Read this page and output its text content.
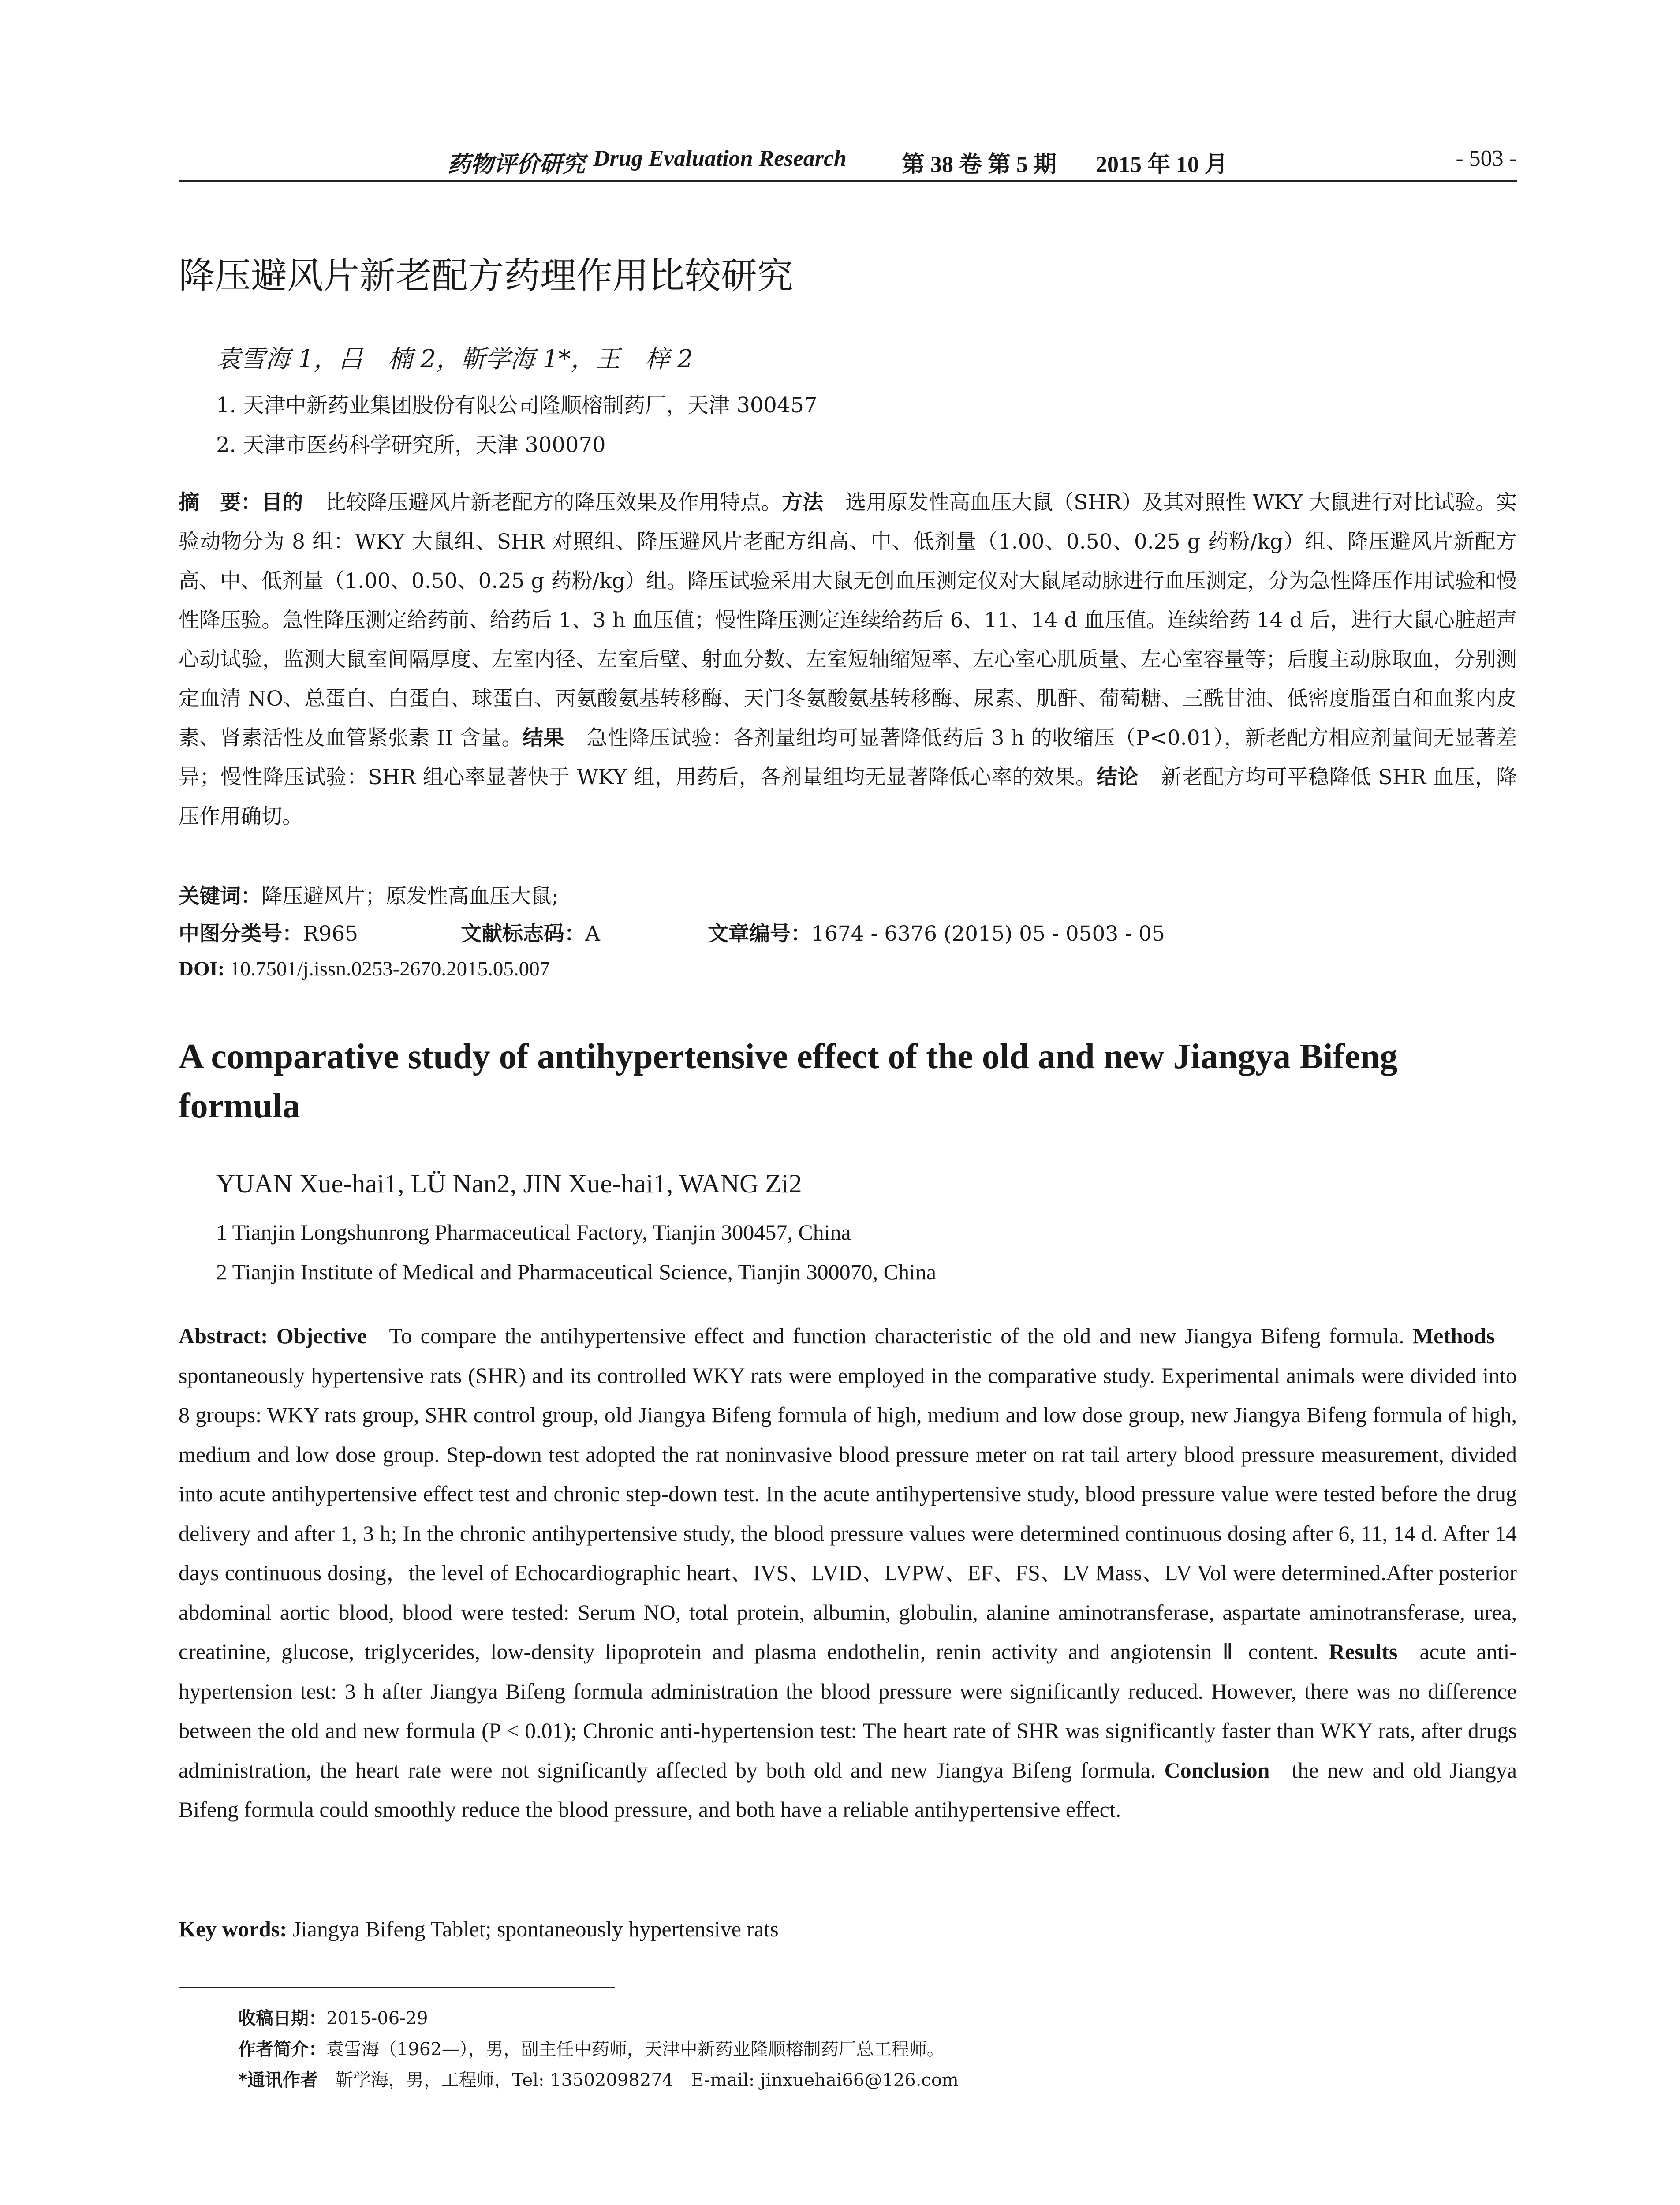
药物评价研究 Drug Evaluation Research 第 38 卷 第 5 期 2015 年 10 月	- 503 -
降压避风片新老配方药理作用比较研究
袁雪海 1，吕　楠 2，靳学海 1*，王　梓 2
1. 天津中新药业集团股份有限公司隆顺榕制药厂，天津 300457
2. 天津市医药科学研究所，天津 300070
摘　要：目的 比较降压避风片新老配方的降压效果及作用特点。方法 选用原发性高血压大鼠（SHR）及其对照性 WKY 大鼠进行对比试验。实验动物分为 8 组：WKY 大鼠组、SHR 对照组、降压避风片老配方组高、中、低剂量（1.00、0.50、0.25 g 药粉/kg）组、降压避风片新配方高、中、低剂量（1.00、0.50、0.25 g 药粉/kg）组。降压试验采用大鼠无创血压测定仪对大鼠尾动脉进行血压测定，分为急性降压作用试验和慢性降压验。急性降压测定给药前、给药后 1、3 h 血压值；慢性降压测定连续给药后 6、11、14 d 血压值。连续给药 14 d 后，进行大鼠心脏超声心动试验，监测大鼠室间隔厚度、左室内径、左室后壁、射血分数、左室短轴缩短率、左心室心肌质量、左心室容量等；后腹主动脉取血，分别测定血清 NO、总蛋白、白蛋白、球蛋白、丙氨酸氨基转移酶、天门冬氨酸氨基转移酶、尿素、肌酐、葡萄糖、三酰甘油、低密度脂蛋白和血浆内皮素、肾素活性及血管紧张素 II 含量。结果 急性降压试验：各剂量组均可显著降低药后 3 h 的收缩压（P<0.01），新老配方相应剂量间无显著差异；慢性降压试验：SHR 组心率显著快于 WKY 组，用药后，各剂量组均无显著降低心率的效果。结论 新老配方均可平稳降低 SHR 血压，降压作用确切。
关键词：降压避风片；原发性高血压大鼠;
中图分类号：R965	文献标志码：A	文章编号：1674 - 6376 (2015) 05 - 0503 - 05
DOI: 10.7501/j.issn.0253-2670.2015.05.007
A comparative study of antihypertensive effect of the old and new Jiangya Bifeng formula
YUAN Xue-hai1, LÜ Nan2, JIN Xue-hai1, WANG Zi2
1 Tianjin Longshunrong Pharmaceutical Factory, Tianjin 300457, China
2 Tianjin Institute of Medical and Pharmaceutical Science, Tianjin 300070, China
Abstract: Objective To compare the antihypertensive effect and function characteristic of the old and new Jiangya Bifeng formula. Methodsspontaneously hypertensive rats (SHR) and its controlled WKY rats were employed in the comparative study. Experimental animals were divided into 8 groups: WKY rats group, SHR control group, old Jiangya Bifeng formula of high, medium and low dose group, new Jiangya Bifeng formula of high, medium and low dose group. Step-down test adopted the rat noninvasive blood pressure meter on rat tail artery blood pressure measurement, divided into acute antihypertensive effect test and chronic step-down test. In the acute antihypertensive study, blood pressure value were tested before the drug delivery and after 1, 3 h; In the chronic antihypertensive study, the blood pressure values were determined continuous dosing after 6, 11, 14 d. After 14 days continuous dosing，the level of Echocardiographic heart、IVS、LVID、LVPW、EF、FS、LV Mass、LV Vol were determined.After posterior abdominal aortic blood, blood were tested: Serum NO, total protein, albumin, globulin, alanine aminotransferase, aspartate aminotransferase, urea, creatinine, glucose, triglycerides, low-density lipoprotein and plasma endothelin, renin activity and angiotensin Ⅱ content. Results acute anti-hypertension test: 3 h after Jiangya Bifeng formula administration the blood pressure were significantly reduced. However, there was no difference between the old and new formula (P < 0.01); Chronic anti-hypertension test: The heart rate of SHR was significantly faster than WKY rats, after drugs administration, the heart rate were not significantly affected by both old and new Jiangya Bifeng formula. Conclusion the new and old Jiangya Bifeng formula could smoothly reduce the blood pressure, and both have a reliable antihypertensive effect.
Key words: Jiangya Bifeng Tablet; spontaneously hypertensive rats
收稿日期：2015-06-29
作者简介：袁雪海（1962—），男，副主任中药师，天津中新药业隆顺榕制药厂总工程师。
*通讯作者　 靳学海，男，工程师，Tel: 13502098274　E-mail: jinxuehai66@126.com
